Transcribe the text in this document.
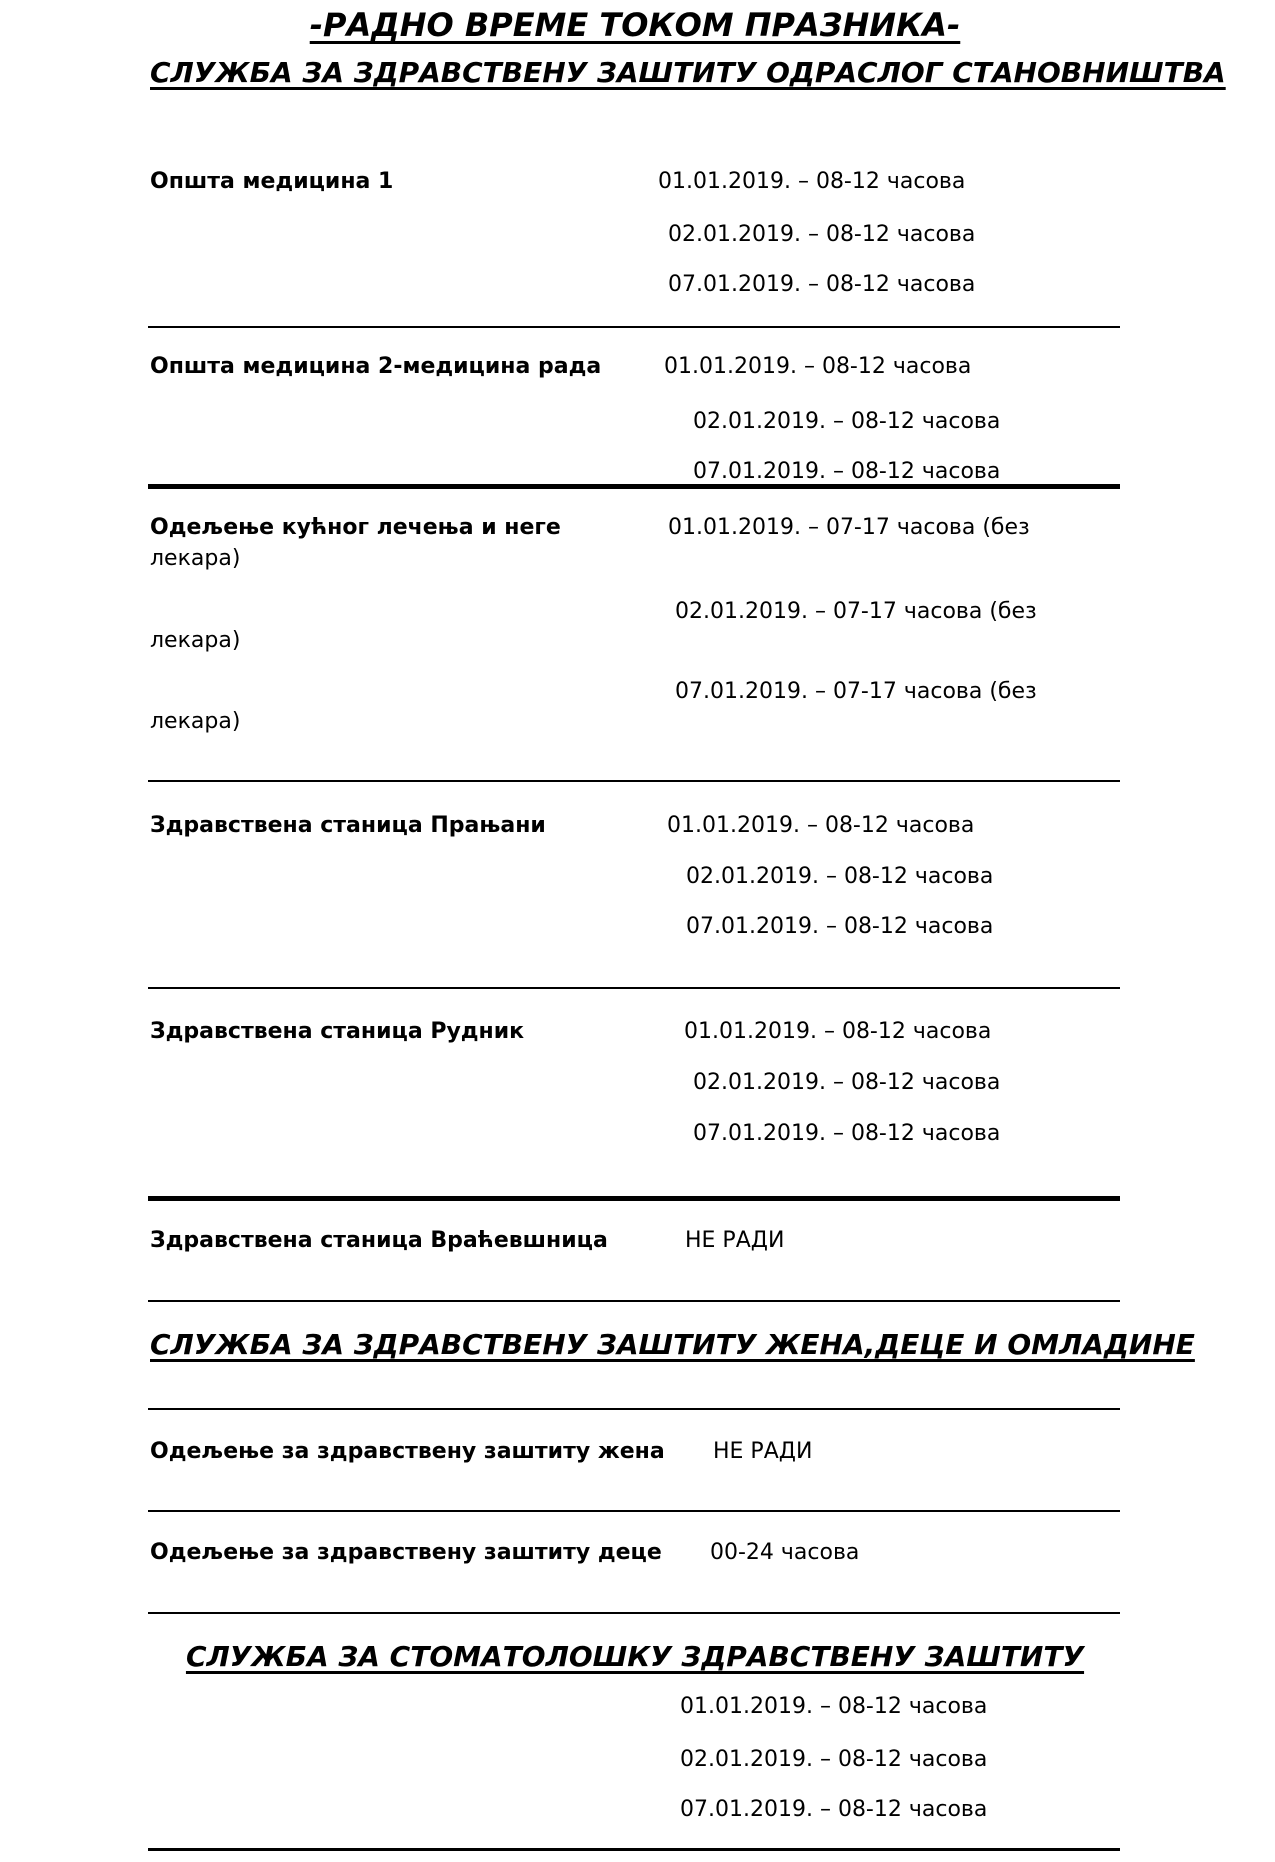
-РАДНО ВРЕМЕ ТОКОМ ПРАЗНИКА-
СЛУЖБА ЗА ЗДРАВСТВЕНУ ЗАШТИТУ ОДРАСЛОГ СТАНОВНИШТВА
Општа медицина 1	01.01.2019. – 08-12 часова
02.01.2019. – 08-12 часова
07.01.2019. – 08-12 часова
Општа медицина 2-медицина рада	01.01.2019. – 08-12 часова
02.01.2019. – 08-12 часова
07.01.2019. – 08-12 часова
Одељење кућног лечења и неге	01.01.2019. – 07-17 часова (без
лекара)
02.01.2019. – 07-17 часова (без
лекара)
07.01.2019. – 07-17 часова (без
лекара)
Здравствена станица Прањани	01.01.2019. – 08-12 часова
02.01.2019. – 08-12 часова
07.01.2019. – 08-12 часова
Здравствена станица Рудник	01.01.2019. – 08-12 часова
02.01.2019. – 08-12 часова
07.01.2019. – 08-12 часова
Здравствена станица Враћевшница	НЕ РАДИ
СЛУЖБА ЗА ЗДРАВСТВЕНУ ЗАШТИТУ ЖЕНА,ДЕЦЕ И ОМЛАДИНЕ
Одељење за здравствену заштиту жена НЕ РАДИ
Одељење за здравствену заштиту деце 00-24 часова
СЛУЖБА ЗА СТОМАТОЛОШКУ ЗДРАВСТВЕНУ ЗАШТИТУ
01.01.2019. – 08-12 часова
02.01.2019. – 08-12 часова
07.01.2019. – 08-12 часова
